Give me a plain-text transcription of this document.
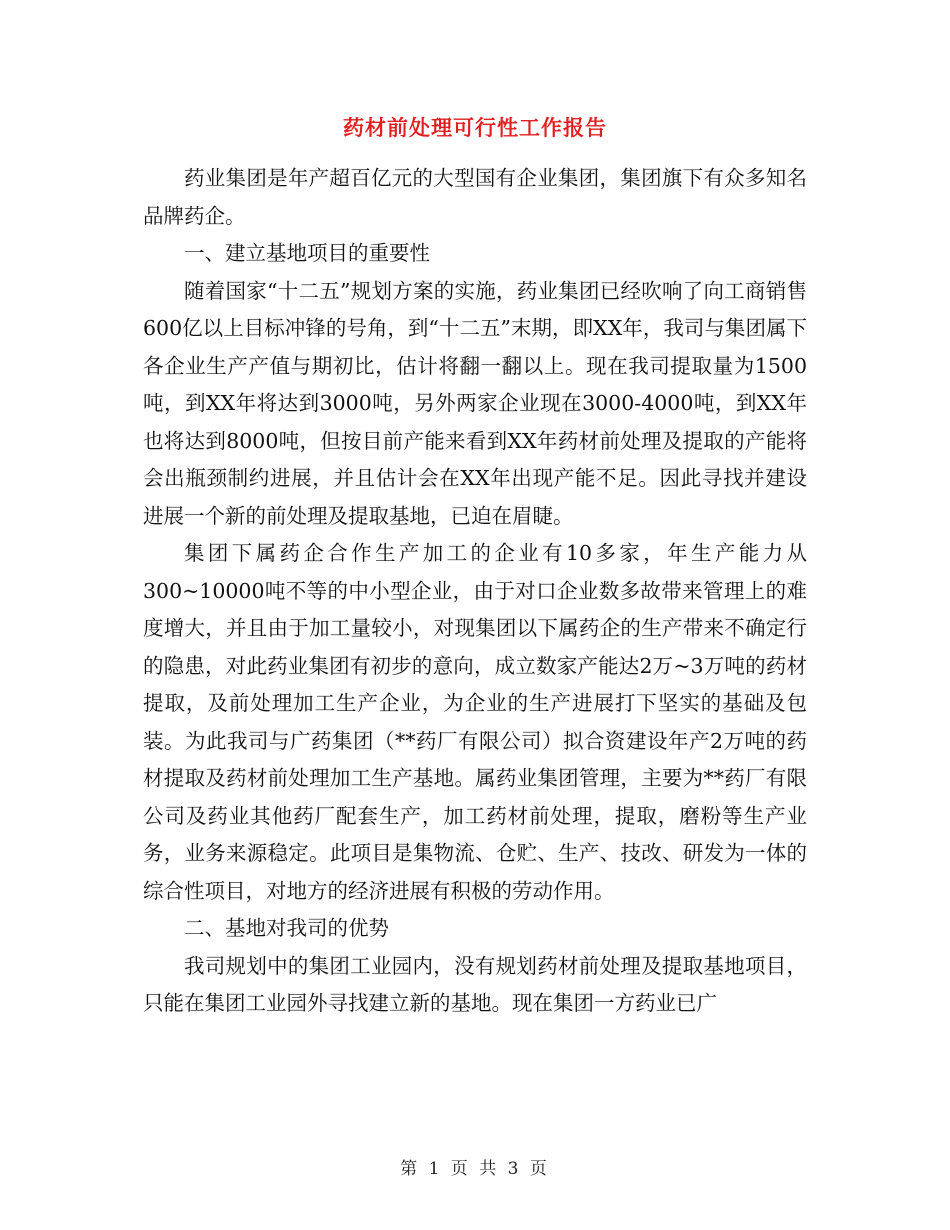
药材前处理可行性工作报告

药业集团是年产超百亿元的大型国有企业集团，集团旗下有众多知名品牌药企。

一、建立基地项目的重要性

随着国家“十二五”规划方案的实施，药业集团已经吹响了向工商销售600亿以上目标冲锋的号角，到“十二五”末期，即XX年，我司与集团属下各企业生产产值与期初比，估计将翻一翻以上。现在我司提取量为1500吨，到XX年将达到3000吨，另外两家企业现在3000-4000吨，到XX年也将达到8000吨，但按目前产能来看到XX年药材前处理及提取的产能将会出瓶颈制约进展，并且估计会在XX年出现产能不足。因此寻找并建设进展一个新的前处理及提取基地，已迫在眉睫。

集团下属药企合作生产加工的企业有10多家，年生产能力从300~10000吨不等的中小型企业，由于对口企业数多故带来管理上的难度增大，并且由于加工量较小，对现集团以下属药企的生产带来不确定行的隐患，对此药业集团有初步的意向，成立数家产能达2万~3万吨的药材提取，及前处理加工生产企业，为企业的生产进展打下坚实的基础及包装。为此我司与广药集团（**药厂有限公司）拟合资建设年产2万吨的药材提取及药材前处理加工生产基地。属药业集团管理，主要为**药厂有限公司及药业其他药厂配套生产，加工药材前处理，提取，磨粉等生产业务，业务来源稳定。此项目是集物流、仓贮、生产、技改、研发为一体的综合性项目，对地方的经济进展有积极的劳动作用。

二、基地对我司的优势

我司规划中的集团工业园内，没有规划药材前处理及提取基地项目，只能在集团工业园外寻找建立新的基地。现在集团一方药业已广

第 1 页 共 3 页
